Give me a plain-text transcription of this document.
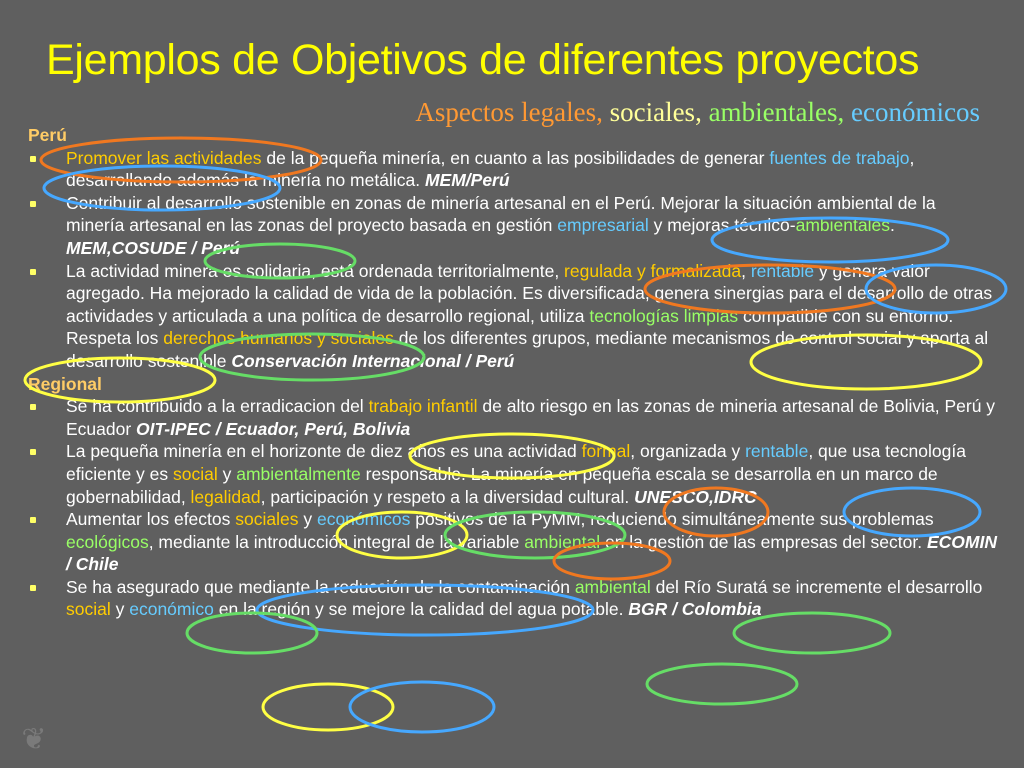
Ejemplos de Objetivos de diferentes proyectos
Aspectos legales, sociales, ambientales, económicos
Perú
Promover las actividades de la pequeña minería, en cuanto a las posibilidades de generar fuentes de trabajo, desarrollando además la minería no metálica. MEM/Perú
Contribuir al desarrollo sostenible en zonas de minería artesanal en el Perú. Mejorar la situación ambiental de la minería artesanal en las zonas del proyecto basada en gestión empresarial y mejoras técnico-ambientales. MEM,COSUDE / Perú
La actividad minera es solidaria, está ordenada territorialmente, regulada y formalizada, rentable y genera valor agregado. Ha mejorado la calidad de vida de la población. Es diversificada, genera sinergias para el desarrollo de otras actividades y articulada a una política de desarrollo regional, utiliza tecnologías limpias compatible con su entorno. Respeta los derechos humanos y sociales de los diferentes grupos, mediante mecanismos de control social y aporta al desarrollo sostenible Conservación Internacional / Perú
Regional
Se ha contribuido a la erradicacion del trabajo infantil de alto riesgo en las zonas de mineria artesanal de Bolivia, Perú y Ecuador OIT-IPEC / Ecuador, Perú, Bolivia
La pequeña minería en el horizonte de diez años es una actividad formal, organizada y rentable, que usa tecnología eficiente y es social y ambientalmente responsable. La minería en pequeña escala se desarrolla en un marco de gobernabilidad, legalidad, participación y respeto a la diversidad cultural. UNESCO,IDRC
Aumentar los efectos sociales y económicos positivos de la PyMM, reduciendo simultáneamente sus problemas ecológicos, mediante la introducción integral de la variable ambiental en la gestión de las empresas del sector. ECOMIN / Chile
Se ha asegurado que mediante la reducción de la contaminación ambiental del Río Suratá se incremente el desarrollo social y económico en la región y se mejore la calidad del agua potable. BGR / Colombia
❦
